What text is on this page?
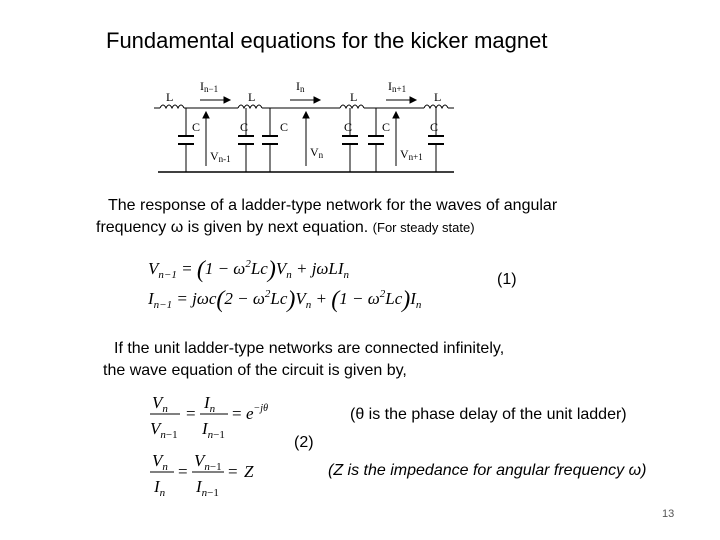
Fundamental equations for the kicker magnet
L	L	L	L
C	C	C	C C	C
In−1	In	In+1
Vn-1	Vn	Vn+1
The response of a ladder-type network for the waves of angular
frequency ω is given by next equation. (For steady state)
$V_n-1 = (1 - \omega^2Lc)V_n + j\omega LI_n$
$I_n-1 = j\omega c(2 - \omega^2Lc)V_n + (1 - \omega^2Lc)I_n$
(1)
If the unit ladder-type networks are connected infinitely,
the wave equation of the circuit is given by,
$V_n$
$V_n-1$
=
$I_n$
$I_n-1$
= $e^{-j\theta}$
$V_n$
$I_n$
=
$V_n-1$
$I_n-1$
= Z
(θ is the phase delay of the unit ladder)
(2)
(Z is the impedance for angular frequency ω)
13
